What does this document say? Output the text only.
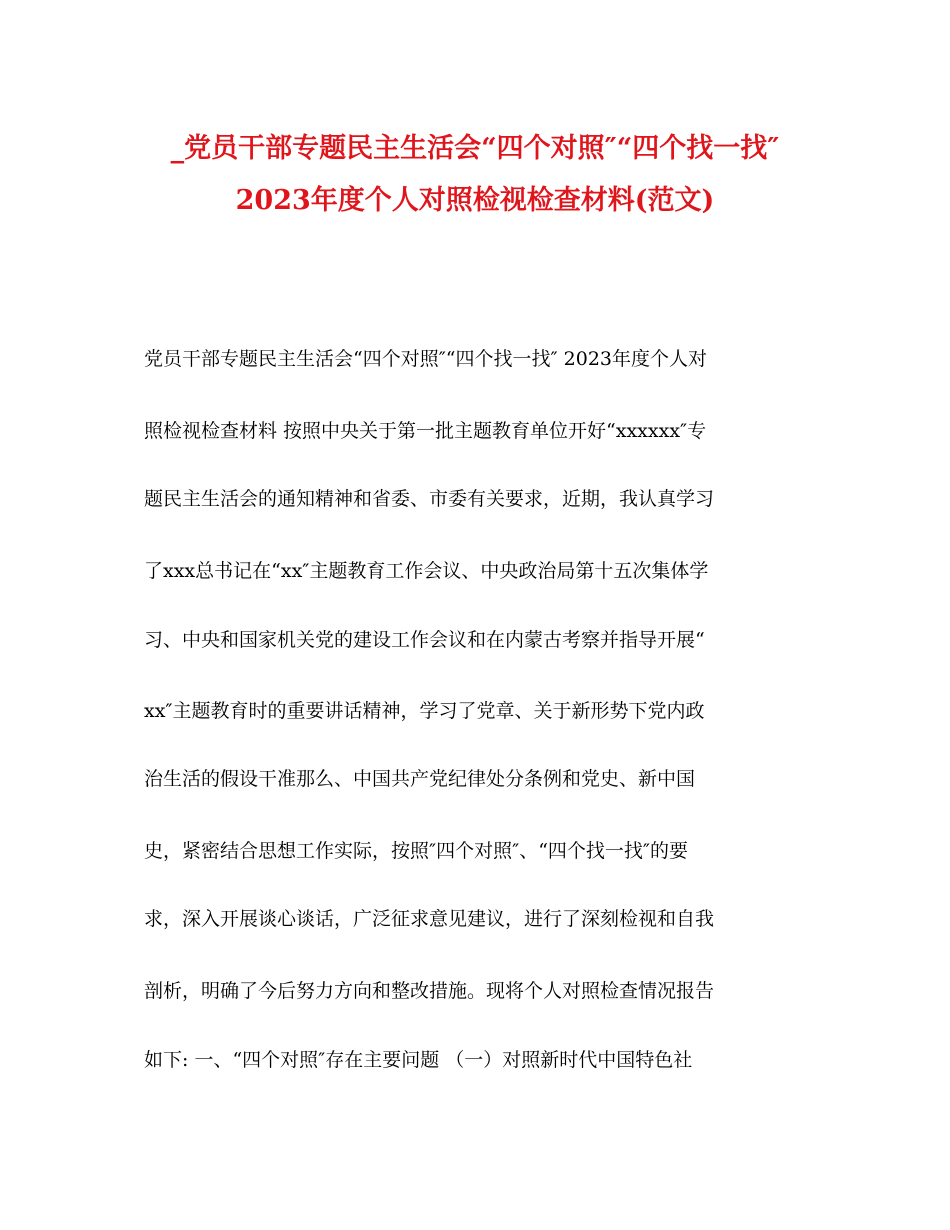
_党员干部专题民主生活会“四个对照″“四个找一找″
2023年度个人对照检视检查材料(范文)
党员干部专题民主生活会“四个对照″“四个找一找″ 2023年度个人对
照检视检查材料 按照中央关于第一批主题教育单位开好“xxxxxx″专
题民主生活会的通知精神和省委、市委有关要求，近期，我认真学习
了xxx总书记在“xx″主题教育工作会议、中央政治局第十五次集体学
习、中央和国家机关党的建设工作会议和在内蒙古考察并指导开展“
xx″主题教育时的重要讲话精神，学习了党章、关于新形势下党内政
治生活的假设干准那么、中国共产党纪律处分条例和党史、新中国
史，紧密结合思想工作实际，按照″四个对照″、“四个找一找″的要
求，深入开展谈心谈话，广泛征求意见建议，进行了深刻检视和自我
剖析，明确了今后努力方向和整改措施。现将个人对照检查情况报告
如下: 一、“四个对照″存在主要问题 （一）对照新时代中国特色社
